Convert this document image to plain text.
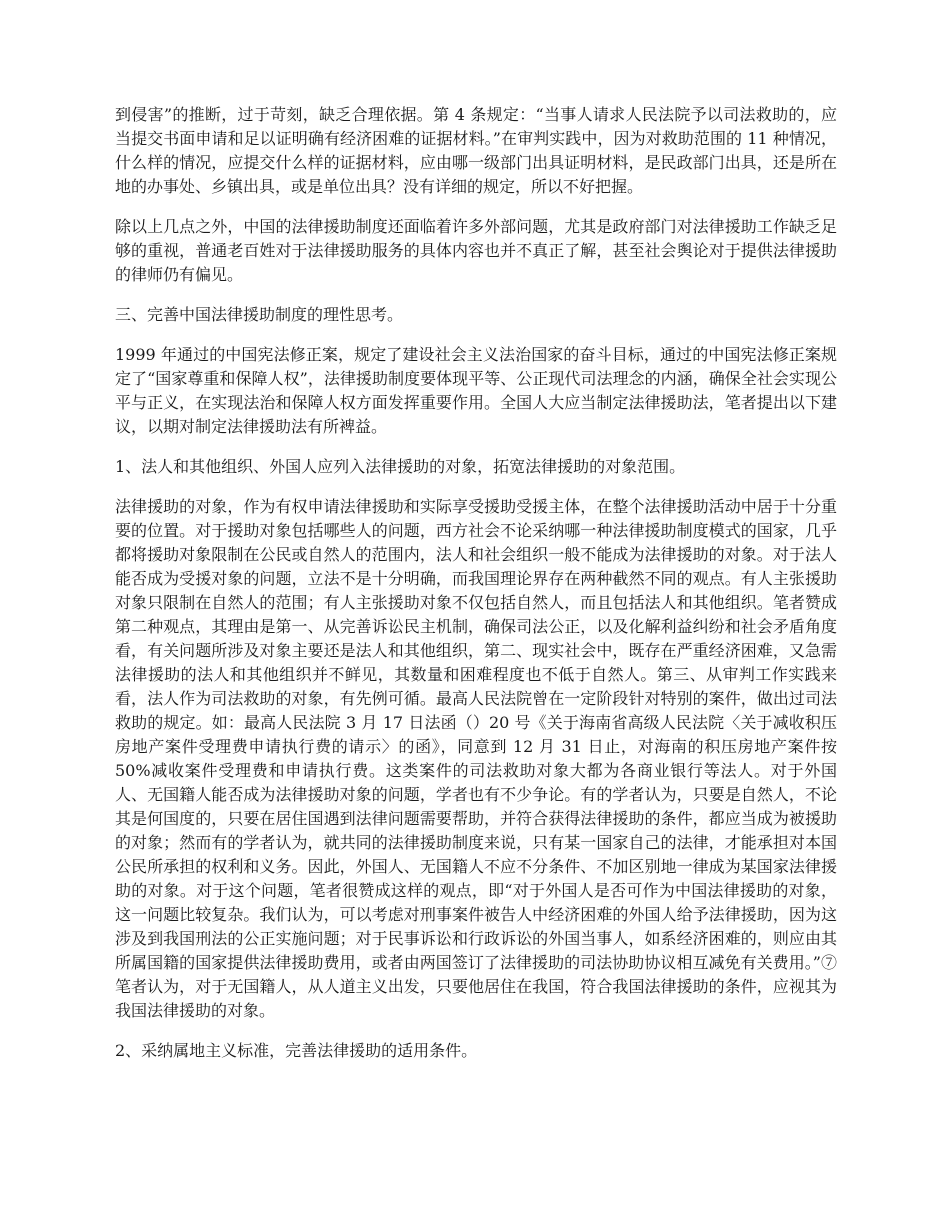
到侵害”的推断，过于苛刻，缺乏合理依据。第 4 条规定：“当事人请求人民法院予以司法救助的，应当提交书面申请和足以证明确有经济困难的证据材料。”在审判实践中，因为对救助范围的 11 种情况，什么样的情况，应提交什么样的证据材料，应由哪一级部门出具证明材料，是民政部门出具，还是所在地的办事处、乡镇出具，或是单位出具？没有详细的规定，所以不好把握。

除以上几点之外，中国的法律援助制度还面临着许多外部问题，尤其是政府部门对法律援助工作缺乏足够的重视，普通老百姓对于法律援助服务的具体内容也并不真正了解，甚至社会舆论对于提供法律援助的律师仍有偏见。

三、完善中国法律援助制度的理性思考。

1999 年通过的中国宪法修正案，规定了建设社会主义法治国家的奋斗目标，通过的中国宪法修正案规定了“国家尊重和保障人权”，法律援助制度要体现平等、公正现代司法理念的内涵，确保全社会实现公平与正义，在实现法治和保障人权方面发挥重要作用。全国人大应当制定法律援助法，笔者提出以下建议，以期对制定法律援助法有所裨益。

1、法人和其他组织、外国人应列入法律援助的对象，拓宽法律援助的对象范围。

法律援助的对象，作为有权申请法律援助和实际享受援助受援主体，在整个法律援助活动中居于十分重要的位置。对于援助对象包括哪些人的问题，西方社会不论采纳哪一种法律援助制度模式的国家，几乎都将援助对象限制在公民或自然人的范围内，法人和社会组织一般不能成为法律援助的对象。对于法人能否成为受援对象的问题，立法不是十分明确，而我国理论界存在两种截然不同的观点。有人主张援助对象只限制在自然人的范围；有人主张援助对象不仅包括自然人，而且包括法人和其他组织。笔者赞成第二种观点，其理由是第一、从完善诉讼民主机制，确保司法公正，以及化解利益纠纷和社会矛盾角度看，有关问题所涉及对象主要还是法人和其他组织，第二、现实社会中，既存在严重经济困难，又急需法律援助的法人和其他组织并不鲜见，其数量和困难程度也不低于自然人。第三、从审判工作实践来看，法人作为司法救助的对象，有先例可循。最高人民法院曾在一定阶段针对特别的案件，做出过司法救助的规定。如：最高人民法院 3 月 17 日法函（）20 号《关于海南省高级人民法院〈关于减收积压房地产案件受理费申请执行费的请示〉的函》，同意到 12 月 31 日止，对海南的积压房地产案件按 50%减收案件受理费和申请执行费。这类案件的司法救助对象大都为各商业银行等法人。对于外国人、无国籍人能否成为法律援助对象的问题，学者也有不少争论。有的学者认为，只要是自然人，不论其是何国度的，只要在居住国遇到法律问题需要帮助，并符合获得法律援助的条件，都应当成为被援助的对象；然而有的学者认为，就共同的法律援助制度来说，只有某一国家自己的法律，才能承担对本国公民所承担的权利和义务。因此，外国人、无国籍人不应不分条件、不加区别地一律成为某国家法律援助的对象。对于这个问题，笔者很赞成这样的观点，即“对于外国人是否可作为中国法律援助的对象，这一问题比较复杂。我们认为，可以考虑对刑事案件被告人中经济困难的外国人给予法律援助，因为这涉及到我国刑法的公正实施问题；对于民事诉讼和行政诉讼的外国当事人，如系经济困难的，则应由其所属国籍的国家提供法律援助费用，或者由两国签订了法律援助的司法协助协议相互减免有关费用。”⑦笔者认为，对于无国籍人，从人道主义出发，只要他居住在我国，符合我国法律援助的条件，应视其为我国法律援助的对象。

2、采纳属地主义标准，完善法律援助的适用条件。
